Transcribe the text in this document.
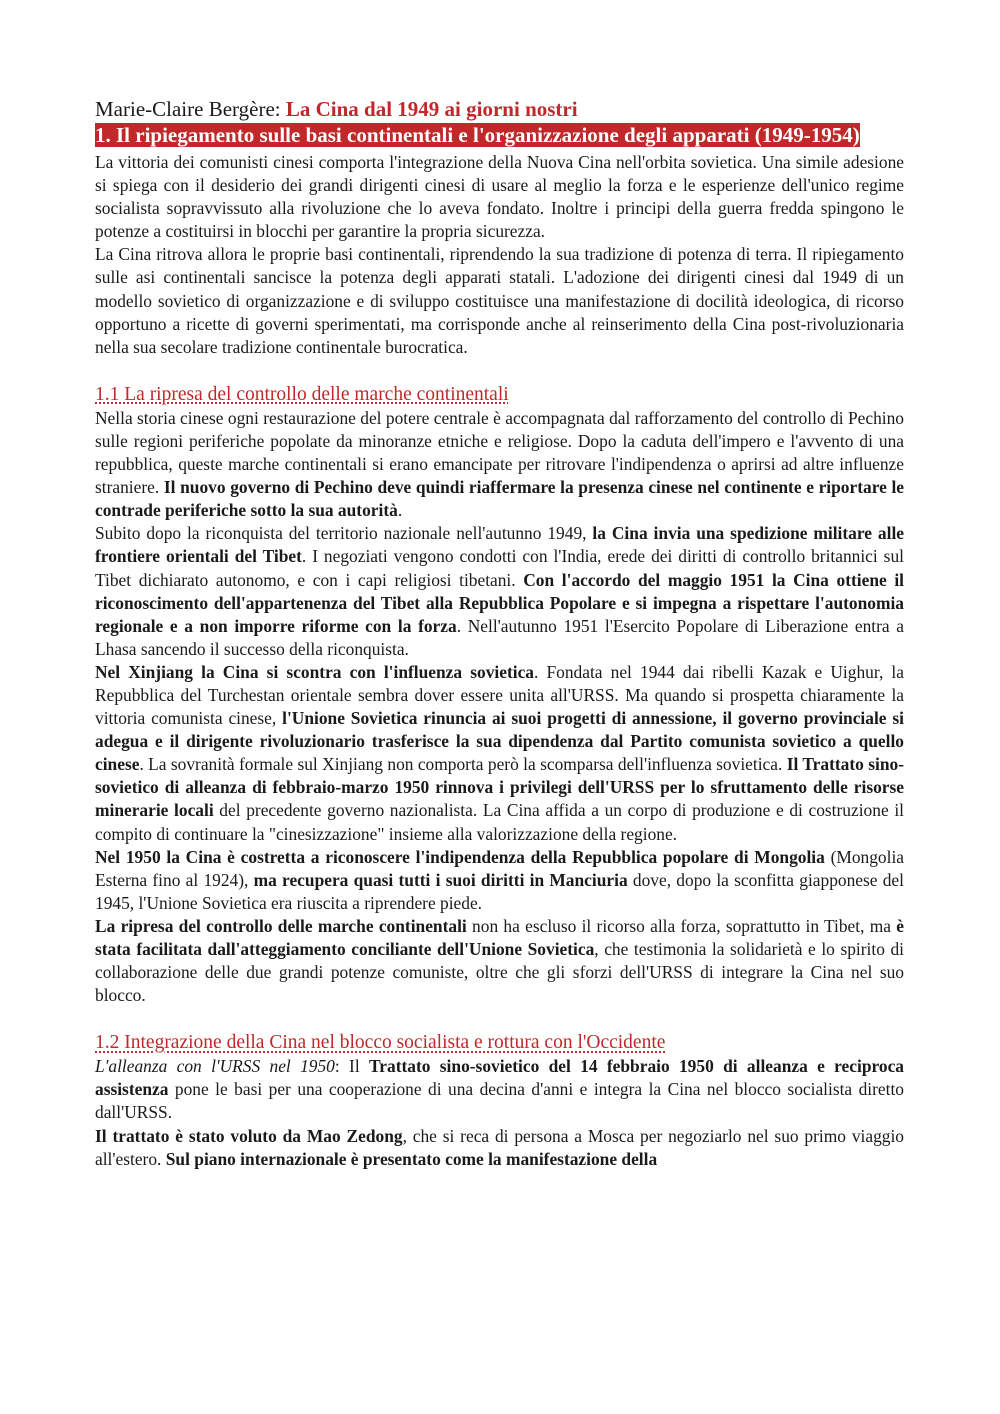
Marie-Claire Bergère: La Cina dal 1949 ai giorni nostri

1. Il ripiegamento sulle basi continentali e l'organizzazione degli apparati (1949-1954)

La vittoria dei comunisti cinesi comporta l'integrazione della Nuova Cina nell'orbita sovietica. Una simile adesione si spiega con il desiderio dei grandi dirigenti cinesi di usare al meglio la forza e le esperienze dell'unico regime socialista sopravvissuto alla rivoluzione che lo aveva fondato. Inoltre i principi della guerra fredda spingono le potenze a costituirsi in blocchi per garantire la propria sicurezza.

La Cina ritrova allora le proprie basi continentali, riprendendo la sua tradizione di potenza di terra. Il ripiegamento sulle asi continentali sancisce la potenza degli apparati statali. L'adozione dei dirigenti cinesi dal 1949 di un modello sovietico di organizzazione e di sviluppo costituisce una manifestazione di docilità ideologica, di ricorso opportuno a ricette di governi sperimentati, ma corrisponde anche al reinserimento della Cina post-rivoluzionaria nella sua secolare tradizione continentale burocratica.

1.1 La ripresa del controllo delle marche continentali

Nella storia cinese ogni restaurazione del potere centrale è accompagnata dal rafforzamento del controllo di Pechino sulle regioni periferiche popolate da minoranze etniche e religiose. Dopo la caduta dell'impero e l'avvento di una repubblica, queste marche continentali si erano emancipate per ritrovare l'indipendenza o aprirsi ad altre influenze straniere. Il nuovo governo di Pechino deve quindi riaffermare la presenza cinese nel continente e riportare le contrade periferiche sotto la sua autorità.

Subito dopo la riconquista del territorio nazionale nell'autunno 1949, la Cina invia una spedizione militare alle frontiere orientali del Tibet. I negoziati vengono condotti con l'India, erede dei diritti di controllo britannici sul Tibet dichiarato autonomo, e con i capi religiosi tibetani. Con l'accordo del maggio 1951 la Cina ottiene il riconoscimento dell'appartenenza del Tibet alla Repubblica Popolare e si impegna a rispettare l'autonomia regionale e a non imporre riforme con la forza. Nell'autunno 1951 l'Esercito Popolare di Liberazione entra a Lhasa sancendo il successo della riconquista.

Nel Xinjiang la Cina si scontra con l'influenza sovietica. Fondata nel 1944 dai ribelli Kazak e Uighur, la Repubblica del Turchestan orientale sembra dover essere unita all'URSS. Ma quando si prospetta chiaramente la vittoria comunista cinese, l'Unione Sovietica rinuncia ai suoi progetti di annessione, il governo provinciale si adegua e il dirigente rivoluzionario trasferisce la sua dipendenza dal Partito comunista sovietico a quello cinese. La sovranità formale sul Xinjiang non comporta però la scomparsa dell'influenza sovietica. Il Trattato sino-sovietico di alleanza di febbraio-marzo 1950 rinnova i privilegi dell'URSS per lo sfruttamento delle risorse minerarie locali del precedente governo nazionalista. La Cina affida a un corpo di produzione e di costruzione il compito di continuare la "cinesizzazione" insieme alla valorizzazione della regione.

Nel 1950 la Cina è costretta a riconoscere l'indipendenza della Repubblica popolare di Mongolia (Mongolia Esterna fino al 1924), ma recupera quasi tutti i suoi diritti in Manciuria dove, dopo la sconfitta giapponese del 1945, l'Unione Sovietica era riuscita a riprendere piede.

La ripresa del controllo delle marche continentali non ha escluso il ricorso alla forza, soprattutto in Tibet, ma è stata facilitata dall'atteggiamento conciliante dell'Unione Sovietica, che testimonia la solidarietà e lo spirito di collaborazione delle due grandi potenze comuniste, oltre che gli sforzi dell'URSS di integrare la Cina nel suo blocco.

1.2 Integrazione della Cina nel blocco socialista e rottura con l'Occidente

L'alleanza con l'URSS nel 1950: Il Trattato sino-sovietico del 14 febbraio 1950 di alleanza e reciproca assistenza pone le basi per una cooperazione di una decina d'anni e integra la Cina nel blocco socialista diretto dall'URSS.

Il trattato è stato voluto da Mao Zedong, che si reca di persona a Mosca per negoziarlo nel suo primo viaggio all'estero. Sul piano internazionale è presentato come la manifestazione della
